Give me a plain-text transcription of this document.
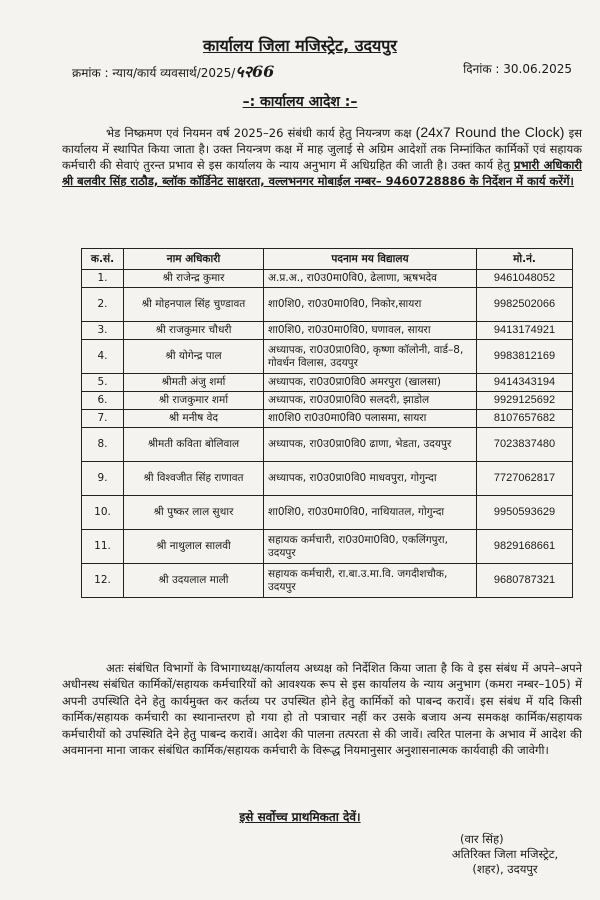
कार्यालय जिला मजिस्ट्रेट, उदयपुर
क्रमांक : न्याय/कार्य व्यवसार्थ/2025/५२66	दिनांक : 30.06.2025
–: कार्यालय आदेश :–
भेड निष्क्रमण एवं नियमन वर्ष 2025–26 संबंधी कार्य हेतु नियन्त्रण कक्ष (24x7 Round the Clock) इस कार्यालय में स्थापित किया जाता है। उक्त नियन्त्रण कक्ष में माह जुलाई से अग्रिम आदेशों तक निम्नांकित कार्मिकों एवं सहायक कर्मचारी की सेवाएं तुरन्त प्रभाव से इस कार्यालय के न्याय अनुभाग में अधिग्रहित की जाती है। उक्त कार्य हेतु प्रभारी अधिकारी श्री बलवीर सिंह राठौड, ब्लॉक कॉर्डिनेट साक्षरता, वल्लभनगर मोबाईल नम्बर– 9460728886 के निर्देशन में कार्य करेंगें।
क.सं.	नाम अधिकारी	पदनाम मय विद्यालय	मो.नं.
1.	श्री राजेन्द्र कुमार	अ.प्र.अ., रा0उ0मा0वि0, ढेलाणा, ऋषभदेव	9461048052
2.	श्री मोहनपाल सिंह चुण्डावत	शा0शि0, रा0उ0मा0वि0, निकोर,सायरा	9982502066
3.	श्री राजकुमार चौधरी	शा0शि0, रा0उ0मा0वि0, घणावल, सायरा	9413174921
4.	श्री योगेन्द्र पाल	अध्यापक, रा0उ0प्रा0वि0, कृष्णा कॉलोनी, वार्ड–8, गोवर्धन विलास, उदयपुर	9983812169
5.	श्रीमती अंजु शर्मा	अध्यापक, रा0उ0प्रा0वि0 अमरपुरा (खालसा)	9414343194
6.	श्री राजकुमार शर्मा	अध्यापक, रा0उ0प्रा0वि0 सलदरी, झाडोल	9929125692
7.	श्री मनीष वेद	शा0शि0 रा0उ0मा0वि0 पलासमा, सायरा	8107657682
8.	श्रीमती कविता बोलिवाल	अध्यापक, रा0उ0प्रा0वि0 ढाणा, भेडता, उदयपुर	7023837480
9.	श्री विश्वजीत सिंह राणावत	अध्यापक, रा0उ0प्रा0वि0 माधवपुरा, गोगुन्दा	7727062817
10.	श्री पुष्कर लाल सुथार	शा0शि0, रा0उ0मा0वि0, नाथियातल, गोगुन्दा	9950593629
11.	श्री नाथुलाल सालवी	सहायक कर्मचारी, रा0उ0मा0वि0, एकलिंगपुरा, उदयपुर	9829168661
12.	श्री उदयलाल माली	सहायक कर्मचारी, रा.बा.उ.मा.वि. जगदीशचौक, उदयपुर	9680787321
अतः संबंधित विभागों के विभागाध्यक्ष/कार्यालय अध्यक्ष को निर्देशित किया जाता है कि वे इस संबंध में अपने–अपने अधीनस्थ संबंधित कार्मिकों/सहायक कर्मचारियों को आवश्यक रूप से इस कार्यालय के न्याय अनुभाग (कमरा नम्बर–105) में अपनी उपस्थिति देने हेतु कार्यमुक्त कर कर्तव्य पर उपस्थित होने हेतु कार्मिकों को पाबन्द करावें। इस संबंध में यदि किसी कार्मिक/सहायक कर्मचारी का स्थानान्तरण हो गया हो तो पत्राचार नहीं कर उसके बजाय अन्य समकक्ष कार्मिक/सहायक कर्मचारीयों को उपस्थिति देने हेतु पाबन्द करावें। आदेश की पालना तत्परता से की जावें। त्वरित पालना के अभाव में आदेश की अवमानना माना जाकर संबंधित कार्मिक/सहायक कर्मचारी के विरूद्ध नियमानुसार अनुशासनात्मक कार्यवाही की जावेगी।
इसे सर्वोच्च प्राथमिकता देवें।
(वार सिंह)
अतिरिक्त जिला मजिस्ट्रेट,
(शहर), उदयपुर
